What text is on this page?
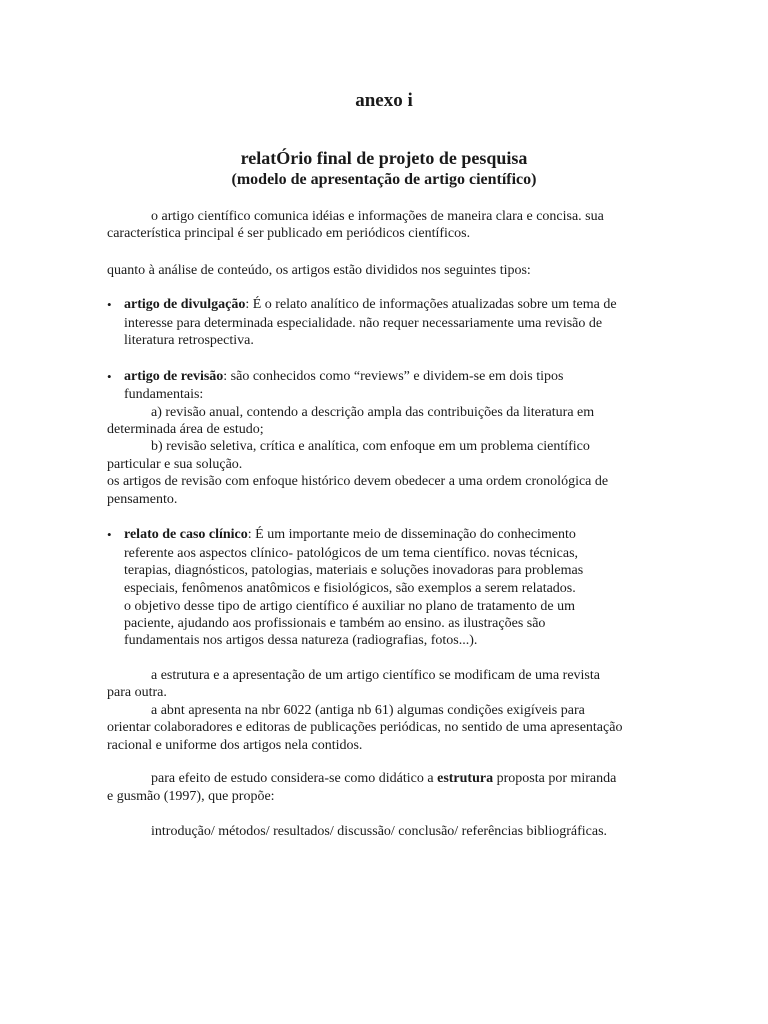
anexo i
relatÓrio final de projeto de pesquisa
(modelo de apresentação de artigo científico)

o artigo científico comunica idéias e informações de maneira clara e concisa. sua

característica principal é ser publicado em periódicos científicos.

quanto à análise de conteúdo, os artigos estão divididos nos seguintes tipos:

• artigo de divulgação: É o relato analítico de informações atualizadas sobre um tema de

interesse para determinada especialidade. não requer necessariamente uma revisão de

literatura retrospectiva.

• artigo de revisão: são conhecidos como “reviews” e dividem-se em dois tipos

fundamentais:

a) revisão anual, contendo a descrição ampla das contribuições da literatura em

determinada área de estudo;

b) revisão seletiva, crítica e analítica, com enfoque em um problema científico

particular e sua solução.

os artigos de revisão com enfoque histórico devem obedecer a uma ordem cronológica de

pensamento.

• relato de caso clínico: É um importante meio de disseminação do conhecimento

referente aos aspectos clínico- patológicos de um tema científico. novas técnicas,

terapias, diagnósticos, patologias, materiais e soluções inovadoras para problemas

especiais, fenômenos anatômicos e fisiológicos, são exemplos a serem relatados.

o objetivo desse tipo de artigo científico é auxiliar no plano de tratamento de um

paciente, ajudando aos profissionais e também ao ensino. as ilustrações são

fundamentais nos artigos dessa natureza (radiografias, fotos...).

a estrutura e a apresentação de um artigo científico se modificam de uma revista

para outra.

a abnt apresenta na nbr 6022 (antiga nb 61) algumas condições exigíveis para

orientar colaboradores e editoras de publicações periódicas, no sentido de uma apresentação

racional e uniforme dos artigos nela contidos.

para efeito de estudo considera-se como didático a estrutura proposta por miranda

e gusmão (1997), que propõe:

introdução/ métodos/ resultados/ discussão/ conclusão/ referências bibliográficas.
